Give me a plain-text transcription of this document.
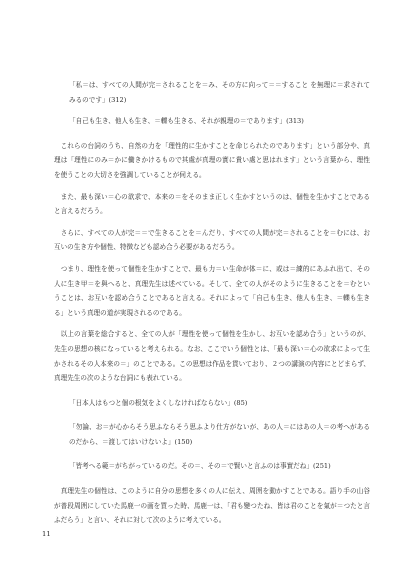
「私＝は、すべての人間が完＝されることを＝み、その方に向って＝＝すること を無理に＝求されてみるのです」(312)

「自己も生き、他人も生き、＝轢も生きる、それが親理の＝であります」(313)

これらの台詞のうち、自然の力を「理性的に生かすことを命じられたのであります」という部分や、真理は「理性にのみ＝かに働きかけるもので其處が真理の實に貴い處と思はれます」という言葉から、理性を使うことの大切さを強調していることが伺える。

また、最も深い＝心の欲求で、本来の＝をそのまま正しく生かすというのは、個性を生かすことであると言えるだろう。

さらに、すべての人が完＝＝で生きることを＝んだり、すべての人間が完＝されることを＝むには、お互いの生き方や個性、特徴なども認め合う必要があるだろう。

つまり、理性を使って個性を生かすことで、最も力＝い生命が体＝に、或は＝練的にあふれ出て、その人に生き甲＝を與へると、真理先生は述べている。そして、全ての人がそのように生きることを＝むということは、お互いを認め合うことであると言える。それによって「自己も生き、他人も生き、＝轢も生きる」という真理の道が実現されるのである。

以上の言葉を総合すると、全ての人が「理性を使って個性を生かし、お互いを認め合う」というのが、先生の思想の核になっていると考えられる。なお、ここでいう個性とは、「最も深い＝心の欲求によって生かされるその人本来の＝」のことである。この思想は作品を貫いており、２つの講演の内容にとどまらず、真理先生の次のような台詞にも表れている。

「日本人はもつと個の根気をよくしなければならない」(85)

「勿論、お＝が心からそう思ふならそう思ふより仕方がないが、あの人＝にはあの人＝の考へがあるのだから、＝渡してはいけないよ」(150)

「皆考へる範＝がちがっているのだ。その＝、その＝で賢いと言ふのは事實だね」(251)

真理先生の個性は、このように自分の思想を多くの人に伝え、周囲を動かすことである。語り手の山谷が普段周囲にしていた馬鹿一の画を買った時、馬鹿一は、「君も變つたね、皆は君のことを氣が＝つたと言ふだらう」と言い、それに対して次のように考えている。

11
